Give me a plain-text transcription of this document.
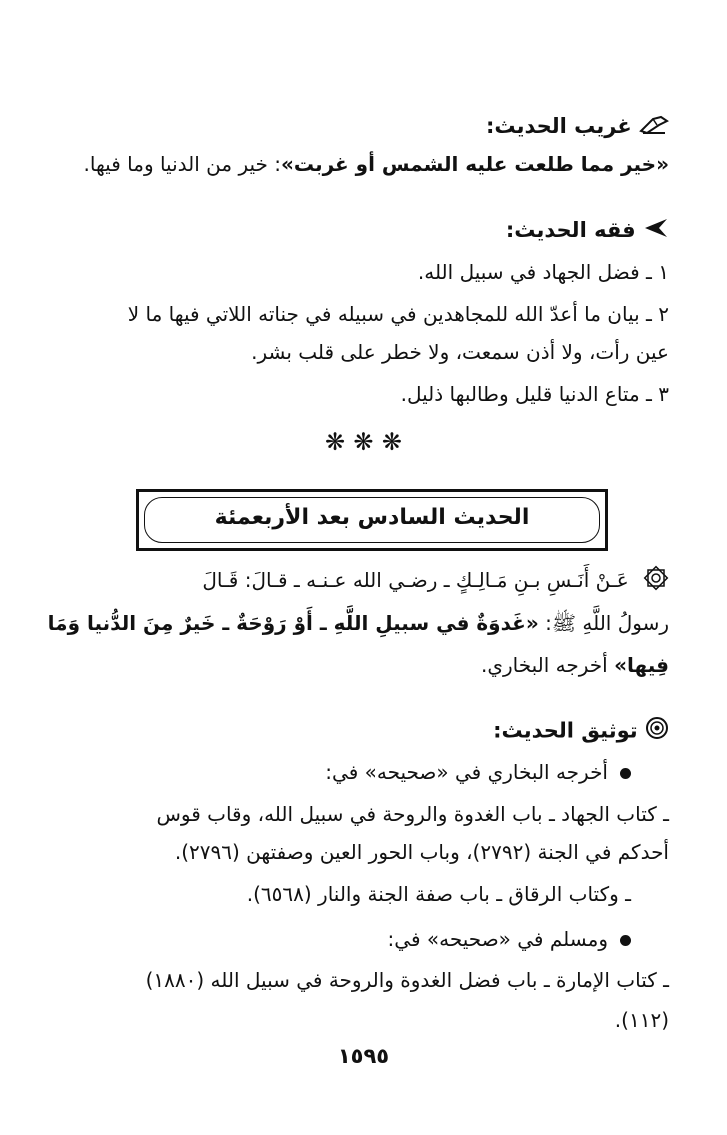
غريب الحديث:
«خير مما طلعت عليه الشمس أو غربت»: خير من الدنيا وما فيها.
فقه الحديث:
١ ـ فضل الجهاد في سبيل الله.
٢ ـ بيان ما أعدّ الله للمجاهدين في سبيله في جناته اللاتي فيها ما لا
عين رأت، ولا أذن سمعت، ولا خطر على قلب بشر.
٣ ـ متاع الدنيا قليل وطالبها ذليل.
❋ ❋ ❋
الحديث السادس بعد الأربعمئة
عَـنْ أَنَـسِ بـنِ مَـالِـكٍ ـ رضـي الله عـنـه ـ قـالَ: قَـالَ
رسولُ اللَّهِ ﷺ: «غَدوَةٌ في سبيلِ اللَّهِ ـ أَوْ رَوْحَةٌ ـ خَيرٌ مِنَ الدُّنيا وَمَا
فِيها» أخرجه البخاري.
توثيق الحديث:
أخرجه البخاري في «صحيحه» في:
ـ كتاب الجهاد ـ باب الغدوة والروحة في سبيل الله، وقاب قوس
أحدكم في الجنة (٢٧٩٢)، وباب الحور العين وصفتهن (٢٧٩٦).
ـ وكتاب الرقاق ـ باب صفة الجنة والنار (٦٥٦٨).
ومسلم في «صحيحه» في:
ـ كتاب الإمارة ـ باب فضل الغدوة والروحة في سبيل الله (١٨٨٠)
(١١٢).
١٥٩٥
